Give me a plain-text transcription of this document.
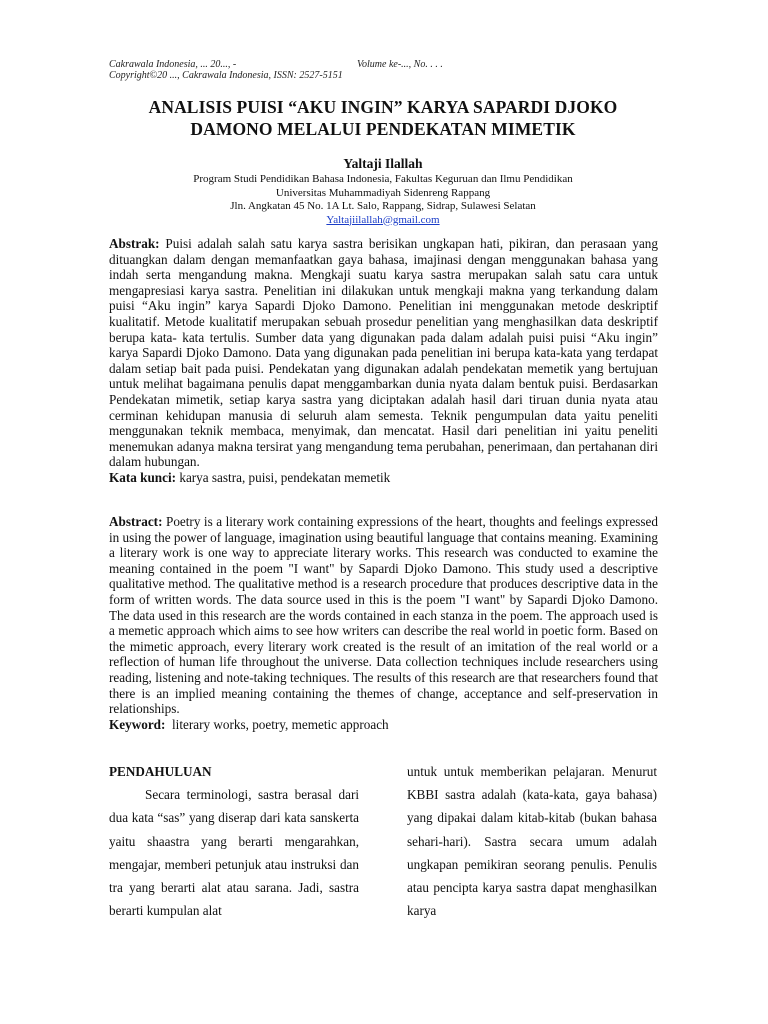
Cakrawala Indonesia, ... 20..., -	Volume ke-..., No. . . .
Copyright©20 ..., Cakrawala Indonesia, ISSN: 2527-5151
ANALISIS PUISI “AKU INGIN” KARYA SAPARDI DJOKO
DAMONO MELALUI PENDEKATAN MIMETIK
Yaltaji Ilallah
Program Studi Pendidikan Bahasa Indonesia, Fakultas Keguruan dan Ilmu Pendidikan
Universitas Muhammadiyah Sidenreng Rappang
Jln. Angkatan 45 No. 1A Lt. Salo, Rappang, Sidrap, Sulawesi Selatan
Yaltajiilallah@gmail.com

Abstrak: Puisi adalah salah satu karya sastra berisikan ungkapan hati, pikiran, dan perasaan yang dituangkan dalam dengan memanfaatkan gaya bahasa, imajinasi dengan menggunakan bahasa yang indah serta mengandung makna. Mengkaji suatu karya sastra merupakan salah satu cara untuk mengapresiasi karya sastra. Penelitian ini dilakukan untuk mengkaji makna yang terkandung dalam puisi “Aku ingin” karya Sapardi Djoko Damono. Penelitian ini menggunakan metode deskriptif kualitatif. Metode kualitatif merupakan sebuah prosedur penelitian yang menghasilkan data deskriptif berupa kata- kata tertulis. Sumber data yang digunakan pada dalam adalah puisi puisi “Aku ingin” karya Sapardi Djoko Damono. Data yang digunakan pada penelitian ini berupa kata-kata yang terdapat dalam setiap bait pada puisi. Pendekatan yang digunakan adalah pendekatan memetik yang bertujuan untuk melihat bagaimana penulis dapat menggambarkan dunia nyata dalam bentuk puisi. Berdasarkan Pendekatan mimetik, setiap karya sastra yang diciptakan adalah hasil dari tiruan dunia nyata atau cerminan kehidupan manusia di seluruh alam semesta. Teknik pengumpulan data yaitu peneliti menggunakan teknik membaca, menyimak, dan mencatat. Hasil dari penelitian ini yaitu peneliti menemukan adanya makna tersirat yang mengandung tema perubahan, penerimaan, dan pertahanan diri dalam hubungan.

Kata kunci: karya sastra, puisi, pendekatan memetik

Abstract: Poetry is a literary work containing expressions of the heart, thoughts and feelings expressed in using the power of language, imagination using beautiful language that contains meaning. Examining a literary work is one way to appreciate literary works. This research was conducted to examine the meaning contained in the poem "I want" by Sapardi Djoko Damono. This study used a descriptive qualitative method. The qualitative method is a research procedure that produces descriptive data in the form of written words. The data source used in this is the poem "I want" by Sapardi Djoko Damono. The data used in this research are the words contained in each stanza in the poem. The approach used is a memetic approach which aims to see how writers can describe the real world in poetic form. Based on the mimetic approach, every literary work created is the result of an imitation of the real world or a reflection of human life throughout the universe. Data collection techniques include researchers using reading, listening and note-taking techniques. The results of this research are that researchers found that there is an implied meaning containing the themes of change, acceptance and self-preservation in relationships.

Keyword: literary works, poetry, memetic approach

PENDAHULUAN

Secara terminologi, sastra berasal dari dua kata “sas” yang diserap dari kata sanskerta yaitu shaastra yang berarti mengarahkan, mengajar, memberi petunjuk atau instruksi dan tra yang berarti alat atau sarana. Jadi, sastra berarti kumpulan alat

untuk untuk memberikan pelajaran. Menurut KBBI sastra adalah (kata-kata, gaya bahasa) yang dipakai dalam kitab-kitab (bukan bahasa sehari-hari). Sastra secara umum adalah ungkapan pemikiran seorang penulis. Penulis atau pencipta karya sastra dapat menghasilkan karya
